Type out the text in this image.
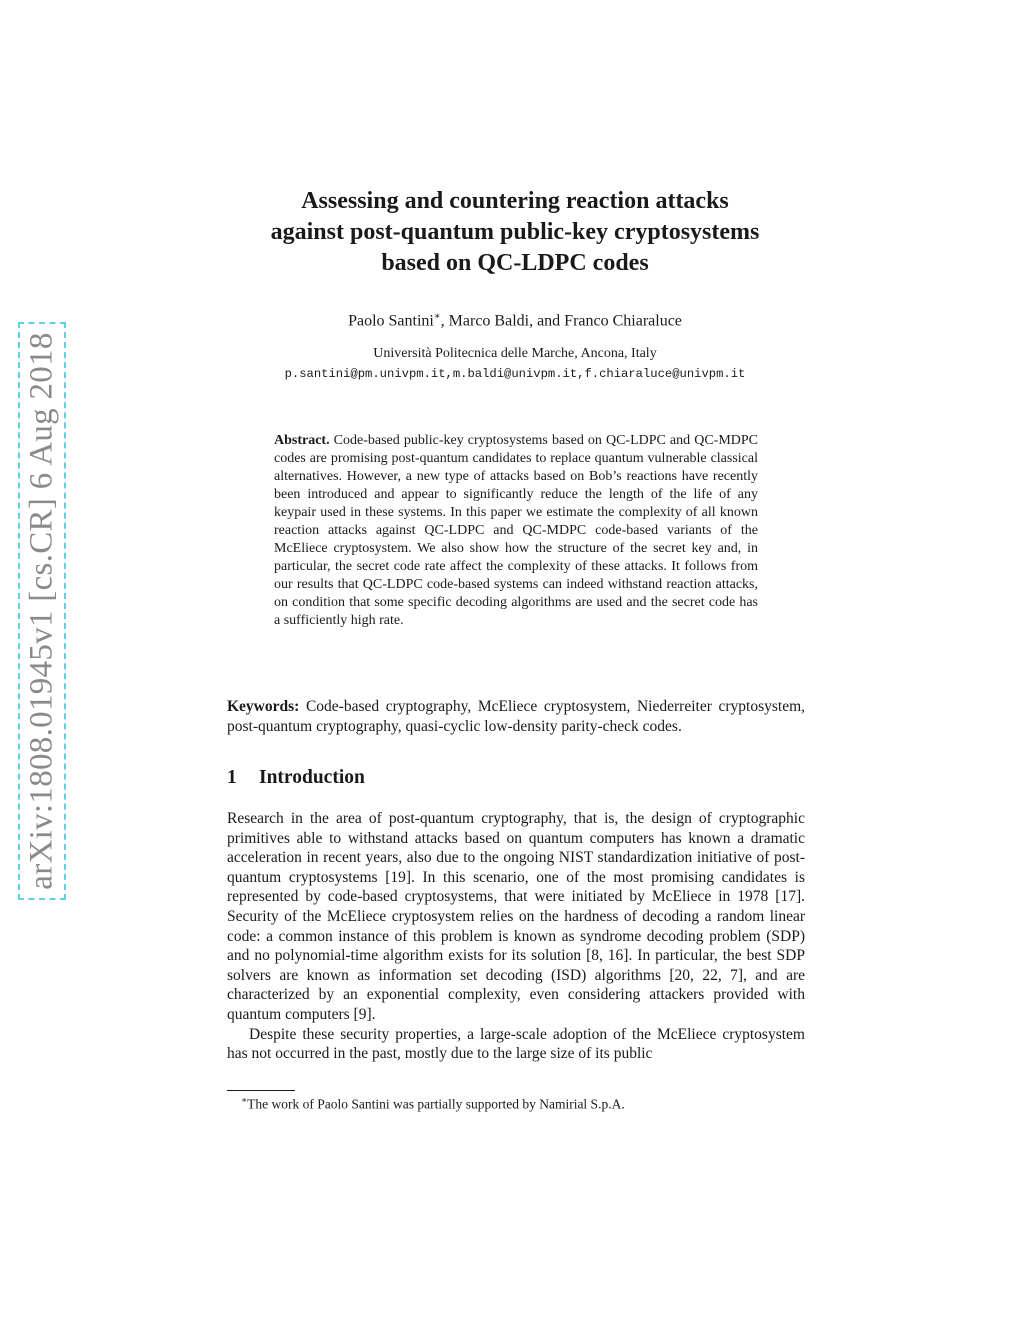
arXiv:1808.01945v1 [cs.CR] 6 Aug 2018
Assessing and countering reaction attacks
against post-quantum public-key cryptosystems
based on QC-LDPC codes
Paolo Santini∗, Marco Baldi, and Franco Chiaraluce
Università Politecnica delle Marche, Ancona, Italy
p.santini@pm.univpm.it,m.baldi@univpm.it,f.chiaraluce@univpm.it
Abstract. Code-based public-key cryptosystems based on QC-LDPC and QC-MDPC codes are promising post-quantum candidates to replace quantum vulnerable classical alternatives. However, a new type of attacks based on Bob’s reactions have recently been introduced and appear to significantly reduce the length of the life of any keypair used in these systems. In this paper we estimate the complexity of all known reaction attacks against QC-LDPC and QC-MDPC code-based variants of the McEliece cryptosystem. We also show how the structure of the secret key and, in particular, the secret code rate affect the complexity of these attacks. It follows from our results that QC-LDPC code-based systems can indeed withstand reaction attacks, on condition that some specific decoding algorithms are used and the secret code has a sufficiently high rate.
Keywords: Code-based cryptography, McEliece cryptosystem, Niederreiter cryptosystem, post-quantum cryptography, quasi-cyclic low-density parity-check codes.
1 Introduction

Research in the area of post-quantum cryptography, that is, the design of cryptographic primitives able to withstand attacks based on quantum computers has known a dramatic acceleration in recent years, also due to the ongoing NIST standardization initiative of post-quantum cryptosystems [19]. In this scenario, one of the most promising candidates is represented by code-based cryptosystems, that were initiated by McEliece in 1978 [17]. Security of the McEliece cryptosystem relies on the hardness of decoding a random linear code: a common instance of this problem is known as syndrome decoding problem (SDP) and no polynomial-time algorithm exists for its solution [8, 16]. In particular, the best SDP solvers are known as information set decoding (ISD) algorithms [20, 22, 7], and are characterized by an exponential complexity, even considering attackers provided with quantum computers [9].

Despite these security properties, a large-scale adoption of the McEliece cryptosystem has not occurred in the past, mostly due to the large size of its public

∗The work of Paolo Santini was partially supported by Namirial S.p.A.
